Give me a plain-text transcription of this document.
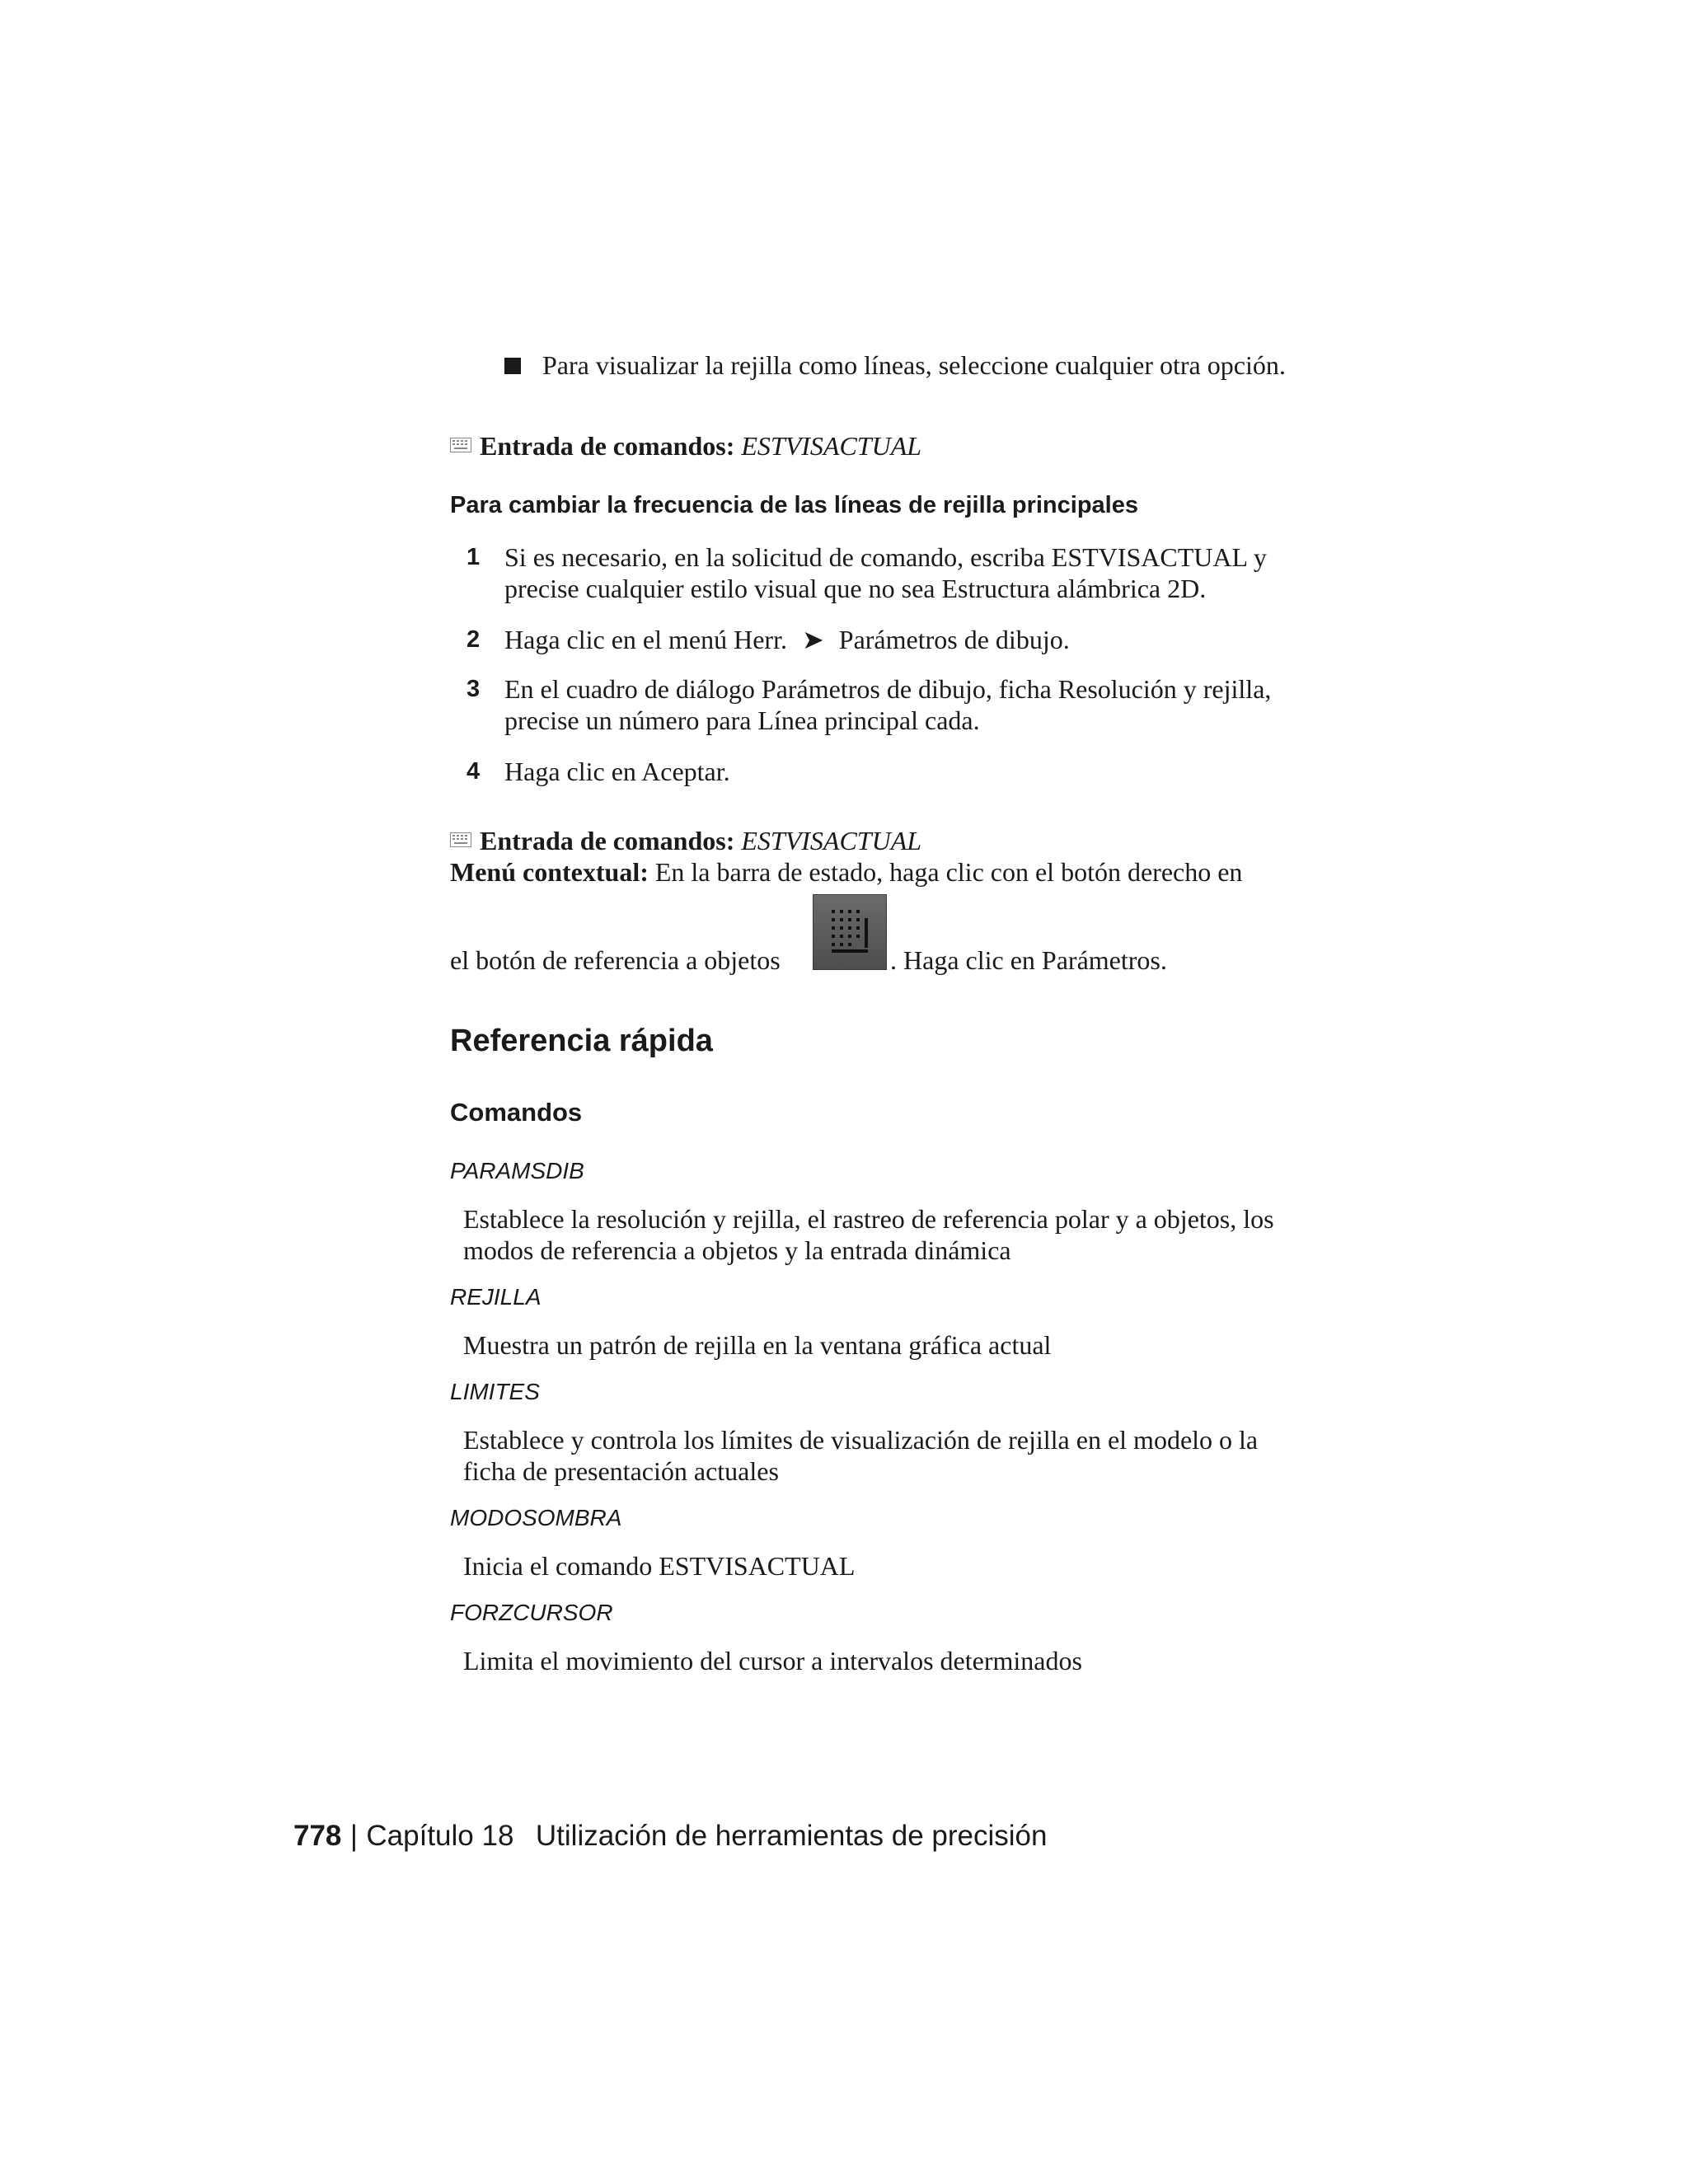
Para visualizar la rejilla como líneas, seleccione cualquier otra opción.
Entrada de comandos: ESTVISACTUAL
Para cambiar la frecuencia de las líneas de rejilla principales
1 Si es necesario, en la solicitud de comando, escriba ESTVISACTUAL y
precise cualquier estilo visual que no sea Estructura alámbrica 2D.
2 Haga clic en el menú Herr. ➤ Parámetros de dibujo.
3 En el cuadro de diálogo Parámetros de dibujo, ficha Resolución y rejilla,
precise un número para Línea principal cada.
4 Haga clic en Aceptar.
Entrada de comandos: ESTVISACTUAL
Menú contextual: En la barra de estado, haga clic con el botón derecho en
el botón de referencia a objetos	. Haga clic en Parámetros.
Referencia rápida
Comandos
PARAMSDIB
Establece la resolución y rejilla, el rastreo de referencia polar y a objetos, los
modos de referencia a objetos y la entrada dinámica
REJILLA
Muestra un patrón de rejilla en la ventana gráfica actual
LIMITES
Establece y controla los límites de visualización de rejilla en el modelo o la
ficha de presentación actuales
MODOSOMBRA
Inicia el comando ESTVISACTUAL
FORZCURSOR
Limita el movimiento del cursor a intervalos determinados
778 | Capítulo 18 Utilización de herramientas de precisión
